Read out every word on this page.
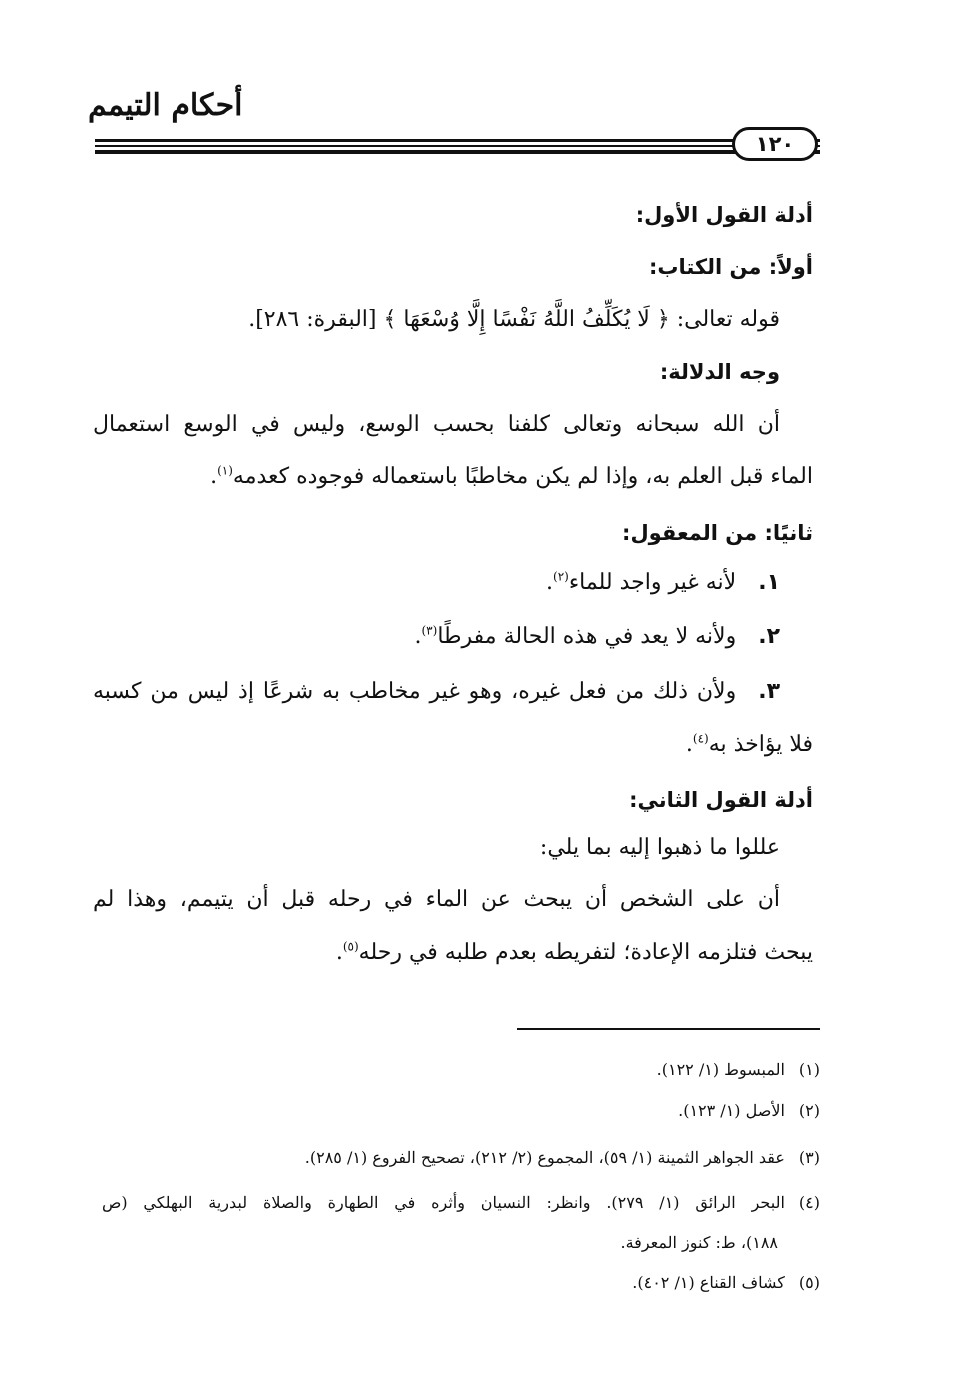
أحكام التيمم
١٢٠
أدلة القول الأول:
أولاً: من الكتاب:
قوله تعالى: ﴿ لَا يُكَلِّفُ اللَّهُ نَفْسًا إِلَّا وُسْعَهَا ﴾ [البقرة: ٢٨٦].
وجه الدلالة:
أن الله سبحانه وتعالى كلفنا بحسب الوسع، وليس في الوسع استعمال
الماء قبل العلم به، وإذا لم يكن مخاطبًا باستعماله فوجوده كعدمه$^{(١)}$.
ثانيًا: من المعقول:
١.لأنه غير واجد للماء$^{(٢)}$.
٢.ولأنه لا يعد في هذه الحالة مفرطًا$^{(٣)}$.
٣.ولأن ذلك من فعل غيره، وهو غير مخاطب به شرعًا إذ ليس من كسبه
فلا يؤاخذ به$^{(٤)}$.
أدلة القول الثاني:
عللوا ما ذهبوا إليه بما يلي:
أن على الشخص أن يبحث عن الماء في رحله قبل أن يتيمم، وهذا لم
يبحث فتلزمه الإعادة؛ لتفريطه بعدم طلبه في رحله$^{(٥)}$.
(١)المبسوط (١/ ١٢٢).
(٢)الأصل (١/ ١٢٣).
(٣)عقد الجواهر الثمينة (١/ ٥٩)، المجموع (٢/ ٢١٢)، تصحيح الفروع (١/ ٢٨٥).
(٤)البحر الرائق (١/ ٢٧٩). وانظر: النسيان وأثره في الطهارة والصلاة لبدرية البهلكي (ص
١٨٨)، ط: كنوز المعرفة.
(٥)كشاف القناع (١/ ٤٠٢).
